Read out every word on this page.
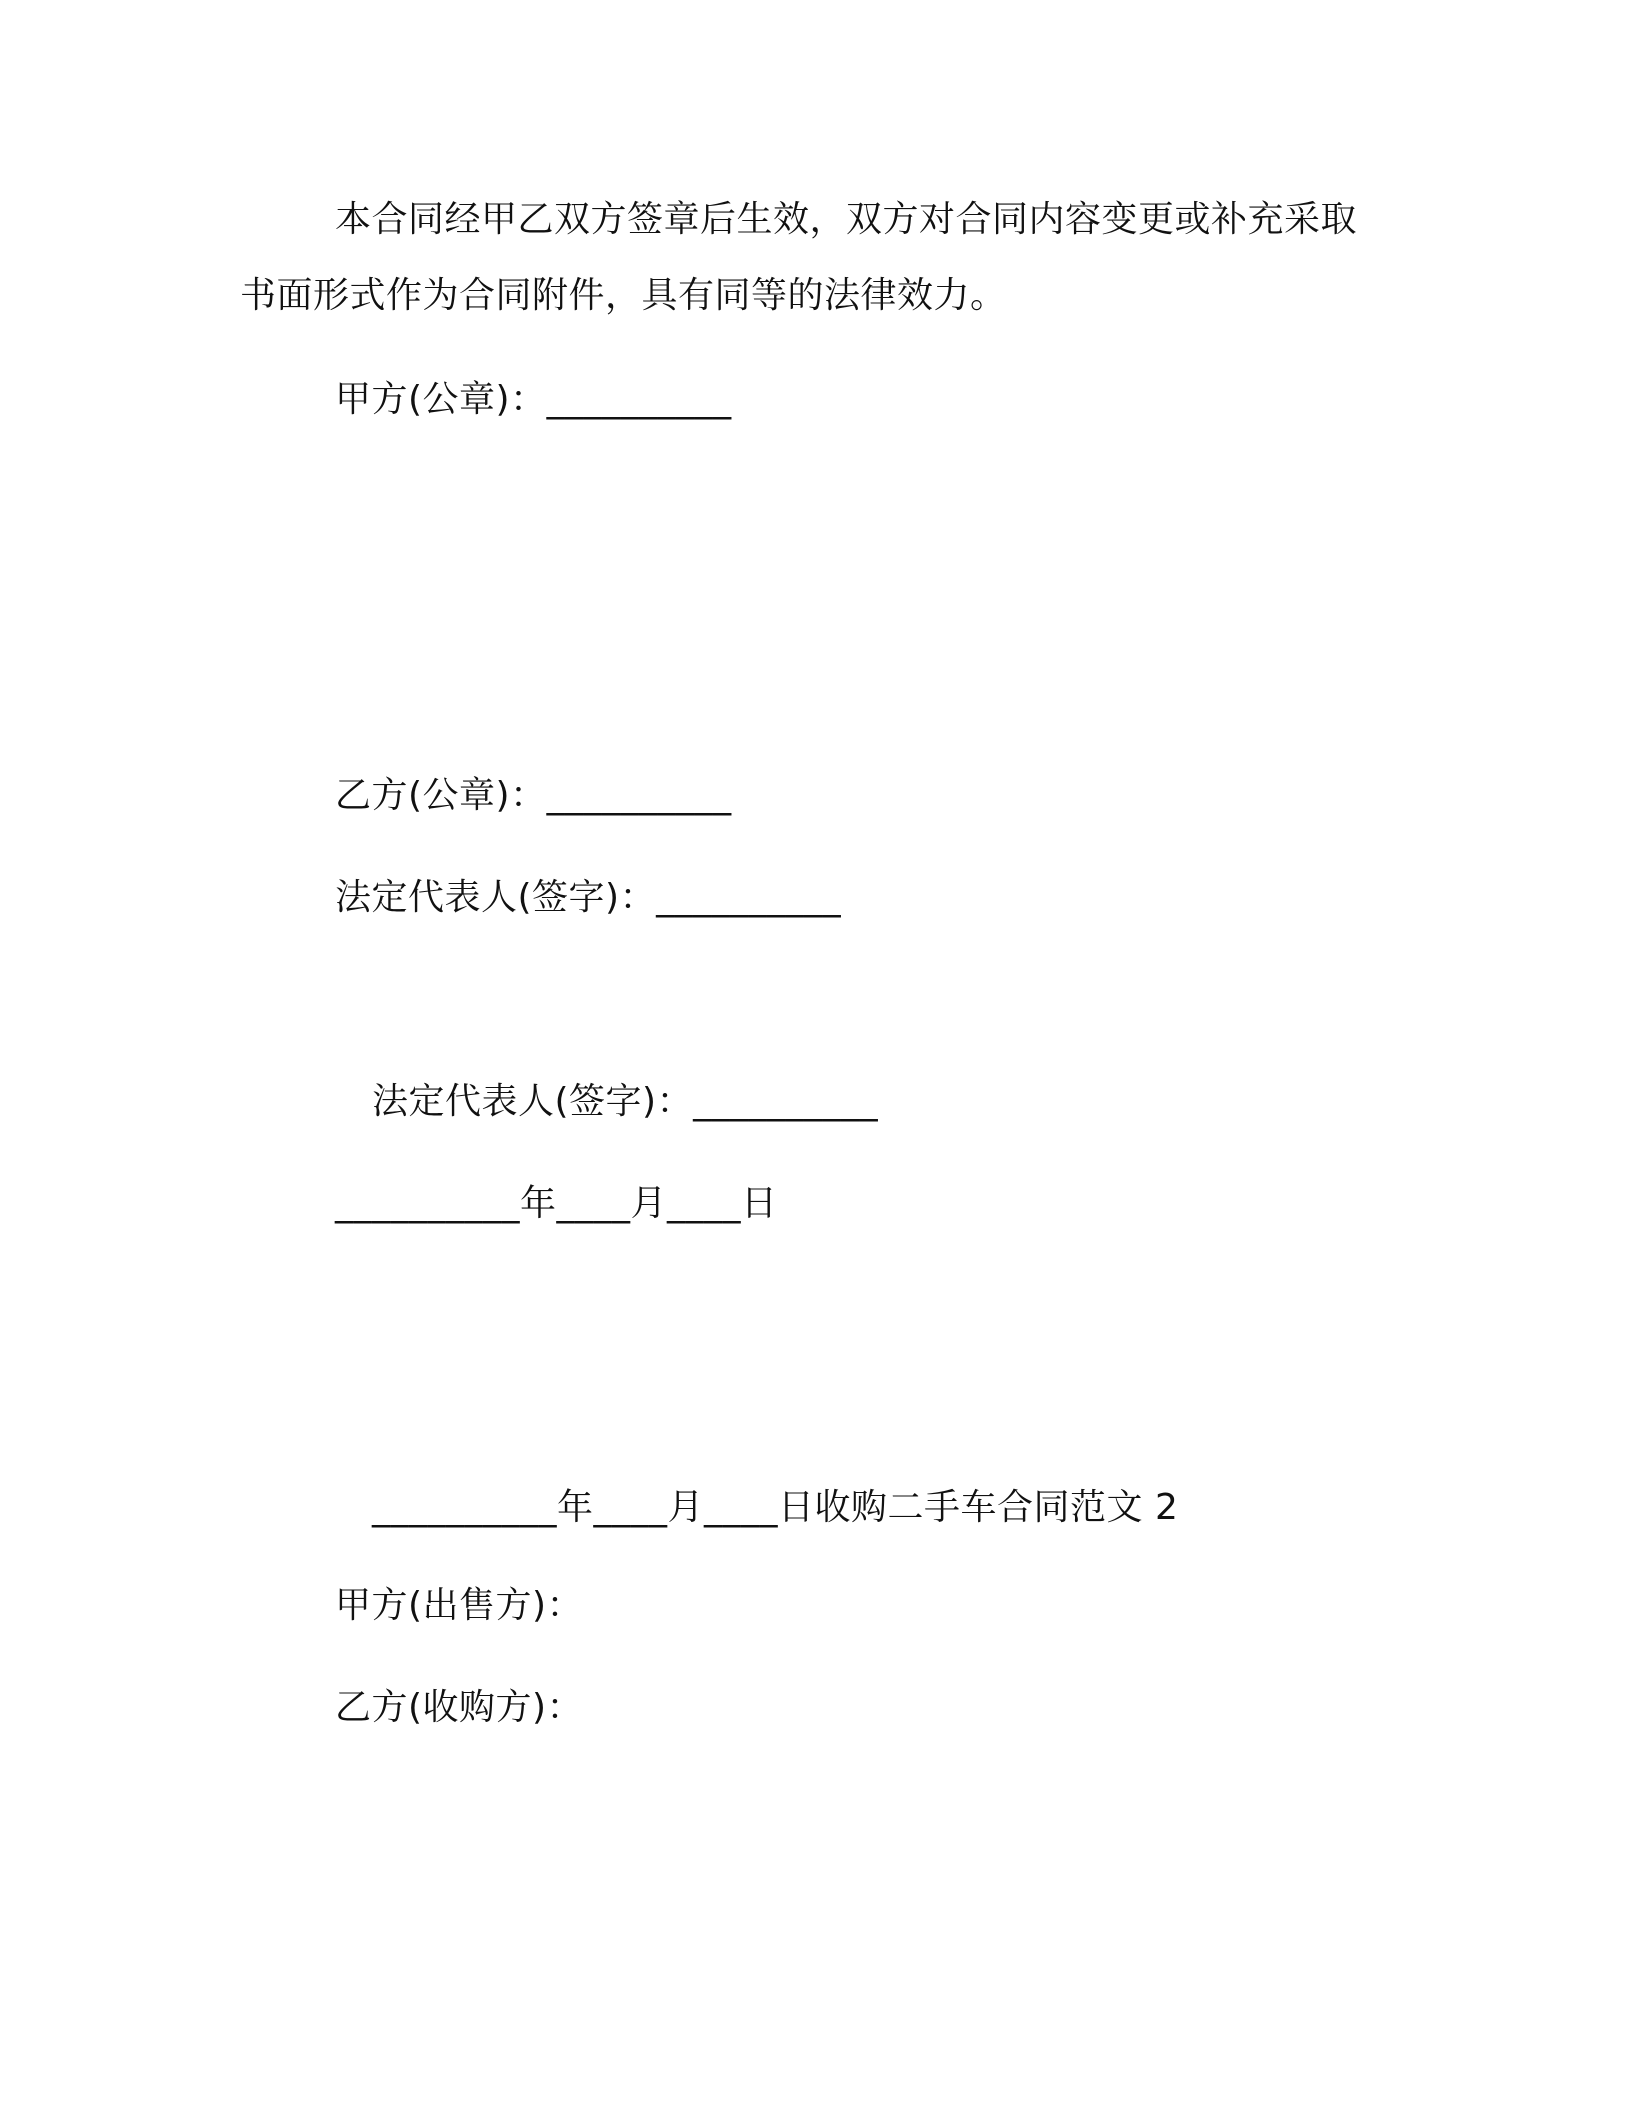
本合同经甲乙双方签章后生效，双方对合同内容变更或补充采取
书面形式作为合同附件，具有同等的法律效力。
甲方(公章)：__________
乙方(公章)：__________
法定代表人(签字)：__________
法定代表人(签字)：__________
__________年____月____日
__________年____月____日收购二手车合同范文 2
甲方(出售方)：
乙方(收购方)：
